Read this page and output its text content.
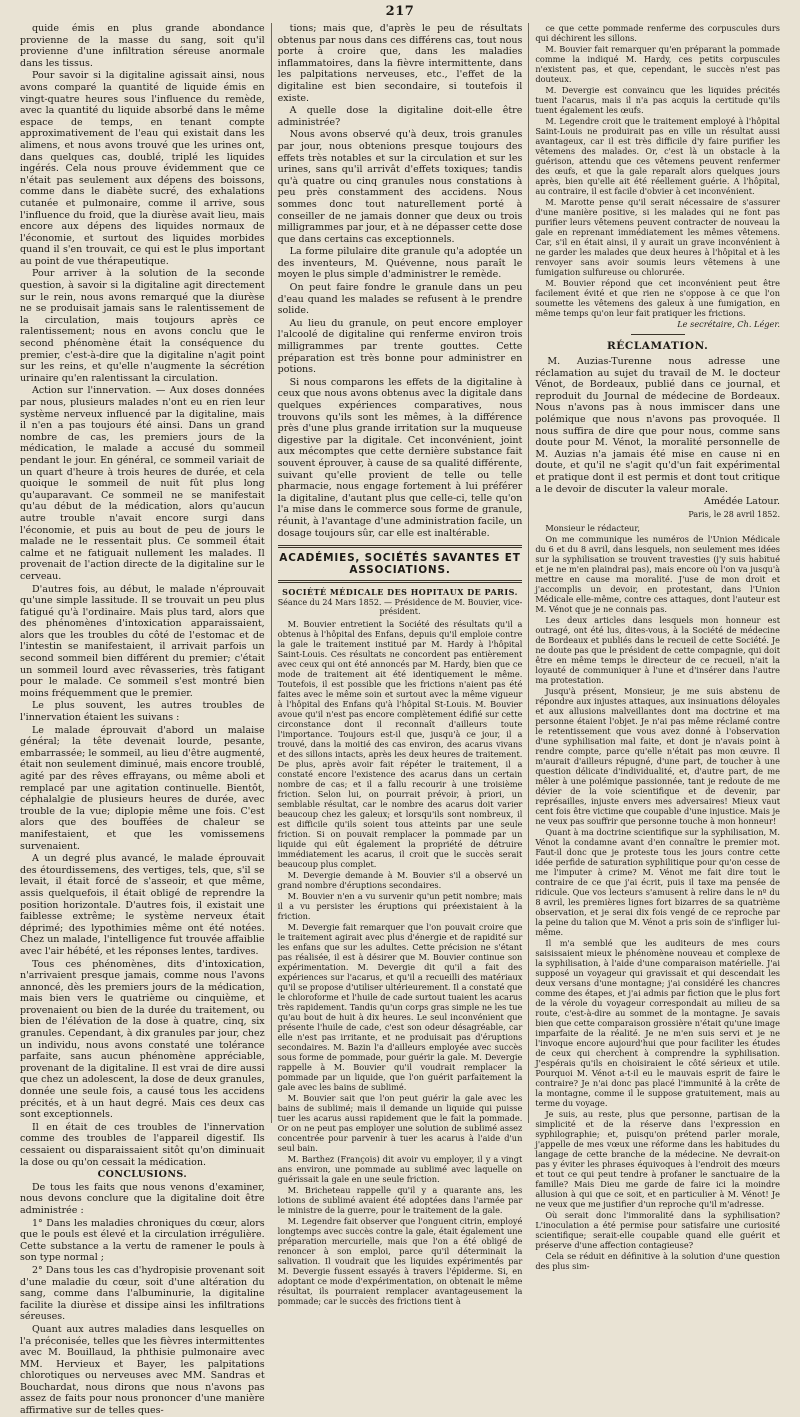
217

quide émis en plus grande abondance provienne de la masse du sang, soit qu'il provienne d'une infiltration séreuse anormale dans les tissus.

Pour savoir si la digitaline agissait ainsi, nous avons comparé la quantité de liquide émis en vingt-quatre heures sous l'influence du remède, avec la quantité du liquide absorbé dans le même espace de temps, en tenant compte approximativement de l'eau qui existait dans les alimens, et nous avons trouvé que les urines ont, dans quelques cas, doublé, triplé les liquides ingérés. Cela nous prouve évidemment que ce n'était pas seulement aux dépens des boissons, comme dans le diabète sucré, des exhalations cutanée et pulmonaire, comme il arrive, sous l'influence du froid, que la diurèse avait lieu, mais encore aux dépens des liquides normaux de l'économie, et surtout des liquides morbides quand il s'en trouvait, ce qui est le plus important au point de vue thérapeutique.

Pour arriver à la solution de la seconde question, à savoir si la digitaline agit directement sur le rein, nous avons remarqué que la diurèse ne se produisait jamais sans le ralentissement de la circulation, mais toujours après ce ralentissement; nous en avons conclu que le second phénomène était la conséquence du premier, c'est-à-dire que la digitaline n'agit point sur les reins, et qu'elle n'augmente la sécrétion urinaire qu'en ralentissant la circulation.

Action sur l'innervation. — Aux doses données par nous, plusieurs malades n'ont eu en rien leur système nerveux influencé par la digitaline, mais il n'en a pas toujours été ainsi. Dans un grand nombre de cas, les premiers jours de la médication, le malade a accusé du sommeil pendant le jour. En général, ce sommeil variait de un quart d'heure à trois heures de durée, et cela quoique le sommeil de nuit fût plus long qu'auparavant. Ce sommeil ne se manifestait qu'au début de la médication, alors qu'aucun autre trouble n'avait encore surgi dans l'économie, et puis au bout de peu de jours le malade ne le ressentait plus. Ce sommeil était calme et ne fatiguait nullement les malades. Il provenait de l'action directe de la digitaline sur le cerveau.

D'autres fois, au début, le malade n'éprouvait qu'une simple lassitude. Il se trouvait un peu plus fatigué qu'à l'ordinaire. Mais plus tard, alors que des phénomènes d'intoxication apparaissaient, alors que les troubles du côté de l'estomac et de l'intestin se manifestaient, il arrivait parfois un second sommeil bien différent du premier; c'était un sommeil lourd avec rêvasseries, très fatigant pour le malade. Ce sommeil s'est montré bien moins fréquemment que le premier.

Le plus souvent, les autres troubles de l'innervation étaient les suivans :

Le malade éprouvait d'abord un malaise général; la tête devenait lourde, pesante, embarrassée; le sommeil, au lieu d'être augmenté, était non seulement diminué, mais encore troublé, agité par des rêves effrayans, ou même aboli et remplacé par une agitation continuelle. Bientôt, céphalalgie de plusieurs heures de durée, avec trouble de la vue; diplopie même une fois. C'est alors que des bouffées de chaleur se manifestaient, et que les vomissemens survenaient.

A un degré plus avancé, le malade éprouvait des étourdissemens, des vertiges, tels, que, s'il se levait, il était forcé de s'asseoir, et que même, assis quelquefois, il était obligé de reprendre la position horizontale. D'autres fois, il existait une faiblesse extrême; le système nerveux était déprimé; des lypothimies même ont été notées. Chez un malade, l'intelligence fut trouvée affaiblie avec l'air hébété, et les réponses lentes, tardives.

Tous ces phénomènes, dits d'intoxication, n'arrivaient presque jamais, comme nous l'avons annoncé, dès les premiers jours de la médication, mais bien vers le quatrième ou cinquième, et provenaient ou bien de la durée du traitement, ou bien de l'élévation de la dose à quatre, cinq, six granules. Cependant, à dix granules par jour, chez un individu, nous avons constaté une tolérance parfaite, sans aucun phénomène appréciable, provenant de la digitaline. Il est vrai de dire aussi que chez un adolescent, la dose de deux granules, donnée une seule fois, a causé tous les accidens précités, et à un haut degré. Mais ces deux cas sont exceptionnels.

Il en était de ces troubles de l'innervation comme des troubles de l'appareil digestif. Ils cessaient ou disparaissaient sitôt qu'on diminuait la dose ou qu'on cessait la médication.

CONCLUSIONS.

De tous les faits que nous venons d'examiner, nous devons conclure que la digitaline doit être administrée :

1° Dans les maladies chroniques du cœur, alors que le pouls est élevé et la circulation irrégulière. Cette substance a la vertu de ramener le pouls à son type normal ;

2° Dans tous les cas d'hydropisie provenant soit d'une maladie du cœur, soit d'une altération du sang, comme dans l'albuminurie, la digitaline facilite la diurèse et dissipe ainsi les infiltrations séreuses.

Quant aux autres maladies dans lesquelles on l'a préconisée, telles que les fièvres intermittentes avec M. Bouillaud, la phthisie pulmonaire avec MM. Hervieux et Bayer, les palpitations chlorotiques ou nerveuses avec MM. Sandras et Bouchardat, nous dirons que nous n'avons pas assez de faits pour nous prononcer d'une manière affirmative sur de telles ques-

tions; mais que, d'après le peu de résultats obtenus par nous dans ces différens cas, tout nous porte à croire que, dans les maladies inflammatoires, dans la fièvre intermittente, dans les palpitations nerveuses, etc., l'effet de la digitaline est bien secondaire, si toutefois il existe.

A quelle dose la digitaline doit-elle être administrée?

Nous avons observé qu'à deux, trois granules par jour, nous obtenions presque toujours des effets très notables et sur la circulation et sur les urines, sans qu'il arrivât d'effets toxiques; tandis qu'à quatre ou cinq granules nous constations à peu près constamment des accidens. Nous sommes donc tout naturellement porté à conseiller de ne jamais donner que deux ou trois milligrammes par jour, et à ne dépasser cette dose que dans certains cas exceptionnels.

La forme pilulaire dite granule qu'a adoptée un des inventeurs, M. Quévenne, nous paraît le moyen le plus simple d'administrer le remède.

On peut faire fondre le granule dans un peu d'eau quand les malades se refusent à le prendre solide.

Au lieu du granule, on peut encore employer l'alcoolé de digitaline qui renferme environ trois milligrammes par trente gouttes. Cette préparation est très bonne pour administrer en potions.

Si nous comparons les effets de la digitaline à ceux que nous avons obtenus avec la digitale dans quelques expériences comparatives, nous trouvons qu'ils sont les mêmes, à la différence près d'une plus grande irritation sur la muqueuse digestive par la digitale. Cet inconvénient, joint aux mécomptes que cette dernière substance fait souvent éprouver, à cause de sa qualité différente, suivant qu'elle provient de telle ou telle pharmacie, nous engage fortement à lui préférer la digitaline, d'autant plus que celle-ci, telle qu'on l'a mise dans le commerce sous forme de granule, réunit, à l'avantage d'une administration facile, un dosage toujours sûr, car elle est inaltérable.

ACADÉMIES, SOCIÉTÉS SAVANTES ET ASSOCIATIONS.
SOCIÉTÉ MÉDICALE DES HOPITAUX DE PARIS.
Séance du 24 Mars 1852. — Présidence de M. Bouvier, vice-président.

M. Bouvier entretient la Société des résultats qu'il a obtenus à l'hôpital des Enfans, depuis qu'il emploie contre la gale le traitement institué par M. Hardy à l'hôpital Saint-Louis. Ces résultats ne concordent pas entièrement avec ceux qui ont été annoncés par M. Hardy, bien que ce mode de traitement ait été identiquement le même. Toutefois, il est possible que les frictions n'aient pas été faites avec le même soin et surtout avec la même vigueur à l'hôpital des Enfans qu'à l'hôpital St-Louis. M. Bouvier avoue qu'il n'est pas encore complètement édifié sur cette circonstance dont il reconnaît d'ailleurs toute l'importance. Toujours est-il que, jusqu'à ce jour, il a trouvé, dans la moitié des cas environ, des acarus vivans et des sillons intacts, après les deux heures de traitement. De plus, après avoir fait répéter le traitement, il a constaté encore l'existence des acarus dans un certain nombre de cas; et il a fallu recourir à une troisième friction. Selon lui, on pourrait prévoir, à priori, un semblable résultat, car le nombre des acarus doit varier beaucoup chez les galeux; et lorsqu'ils sont nombreux, il est difficile qu'ils soient tous atteints par une seule friction. Si on pouvait remplacer la pommade par un liquide qui eût également la propriété de détruire immédiatement les acarus, il croit que le succès serait beaucoup plus complet.

M. Devergie demande à M. Bouvier s'il a observé un grand nombre d'éruptions secondaires.

M. Bouvier n'en a vu survenir qu'un petit nombre; mais il a vu persister les éruptions qui préexistaient à la friction.

M. Devergie fait remarquer que l'on pouvait croire que le traitement agirait avec plus d'énergie et de rapidité sur les enfans que sur les adultes. Cette précision ne s'étant pas réalisée, il est à désirer que M. Bouvier continue son expérimentation. M. Devergie dit qu'il a fait des expériences sur l'acarus, et qu'il a recueilli des matériaux qu'il se propose d'utiliser ultérieurement. Il a constaté que le chloroforme et l'huile de cade surtout tuaient les acarus très rapidement. Tandis qu'un corps gras simple ne les tue qu'au bout de huit à dix heures. Le seul inconvénient que présente l'huile de cade, c'est son odeur désagréable, car elle n'est pas irritante, et ne produisait pas d'éruptions secondaires. M. Bazin l'a d'ailleurs employée avec succès sous forme de pommade, pour guérir la gale. M. Devergie rappelle à M. Bouvier qu'il voudrait remplacer la pommade par un liquide, que l'on guérit parfaitement la gale avec les bains de sublimé.

M. Bouvier sait que l'on peut guérir la gale avec les bains de sublimé; mais il demande un liquide qui puisse tuer les acarus aussi rapidement que le fait la pommade. Or on ne peut pas employer une solution de sublimé assez concentrée pour parvenir à tuer les acarus à l'aide d'un seul bain.

M. Barthez (François) dit avoir vu employer, il y a vingt ans environ, une pommade au sublimé avec laquelle on guérissait la gale en une seule friction.

M. Bricheteau rappelle qu'il y a quarante ans, les lotions de sublimé avaient été adoptées dans l'armée par le ministre de la guerre, pour le traitement de la gale.

M. Legendre fait observer que l'onguent citrin, employé longtemps avec succès contre la gale, était également une préparation mercurielle, mais que l'on a été obligé de renoncer à son emploi, parce qu'il déterminait la salivation. Il voudrait que les liquides expérimentés par M. Devergie fussent essayés à travers l'épiderme. Si, en adoptant ce mode d'expérimentation, on obtenait le même résultat, ils pourraient remplacer avantageusement la pommade; car le succès des frictions tient à

ce que cette pommade renferme des corpuscules durs qui déchirent les sillons.

M. Bouvier fait remarquer qu'en préparant la pommade comme la indiqué M. Hardy, ces petits corpuscules n'existent pas, et que, cependant, le succès n'est pas douteux.

M. Devergie est convaincu que les liquides précités tuent l'acarus, mais il n'a pas acquis la certitude qu'ils tuent également les œufs.

M. Legendre croit que le traitement employé à l'hôpital Saint-Louis ne produirait pas en ville un résultat aussi avantageux, car il est très difficile d'y faire purifier les vêtemens des malades. Or, c'est là un obstacle à la guérison, attendu que ces vêtemens peuvent renfermer des œufs, et que la gale reparaît alors quelques jours après, bien qu'elle ait été réellement guérie. A l'hôpital, au contraire, il est facile d'obvier à cet inconvénient.

M. Marotte pense qu'il serait nécessaire de s'assurer d'une manière positive, si les malades qui ne font pas purifier leurs vêtemens peuvent contracter de nouveau la gale en reprenant immédiatement les mêmes vêtemens. Car, s'il en était ainsi, il y aurait un grave inconvénient à ne garder les malades que deux heures à l'hôpital et à les renvoyer sans avoir soumis leurs vêtemens à une fumigation sulfureuse ou chlorurée.

M. Bouvier répond que cet inconvénient peut être facilement évité et que rien ne s'oppose à ce que l'on soumette les vêtemens des galeux à une fumigation, en même temps qu'on leur fait pratiquer les frictions.

Le secrétaire, Ch. Léger.

RÉCLAMATION.

M. Auzias-Turenne nous adresse une réclamation au sujet du travail de M. le docteur Vénot, de Bordeaux, publié dans ce journal, et reproduit du Journal de médecine de Bordeaux. Nous n'avons pas à nous immiscer dans une polémique que nous n'avons pas provoquée. Il nous suffira de dire que pour nous, comme sans doute pour M. Vénot, la moralité personnelle de M. Auzias n'a jamais été mise en cause ni en doute, et qu'il ne s'agit qu'd'un fait expérimental et pratique dont il est permis et dont tout critique a le devoir de discuter la valeur morale.

Amédée Latour.

Paris, le 28 avril 1852.

Monsieur le rédacteur,

On me communique les numéros de l'Union Médicale du 6 et du 8 avril, dans lesquels, non seulement mes idées sur la syphilisation se trouvent travesties (j'y suis habitué et je ne m'en plaindrai pas), mais encore où l'on va jusqu'à mettre en cause ma moralité. J'use de mon droit et j'accomplis un devoir, en protestant, dans l'Union Médicale elle-même, contre ces attaques, dont l'auteur est M. Vénot que je ne connais pas.

Les deux articles dans lesquels mon honneur est outragé, ont été lus, dites-vous, à la Société de médecine de Bordeaux et publiés dans le recueil de cette Société. Je ne doute pas que le président de cette compagnie, qui doit être en même temps le directeur de ce recueil, n'ait la loyauté de communiquer à l'une et d'insérer dans l'autre ma protestation.

Jusqu'à présent, Monsieur, je me suis abstenu de répondre aux injustes attaques, aux insinuations déloyales et aux allusions malveillantes dont ma doctrine et ma personne étaient l'objet. Je n'ai pas même réclamé contre le retentissement que vous avez donné à l'observation d'une syphilisation mal faite, et dont je n'avais point à rendre compte, parce qu'elle n'était pas mon œuvre. Il m'aurait d'ailleurs répugné, d'une part, de toucher à une question délicate d'individualité, et, d'autre part, de me mêler à une polémique passionnée, tant je redoute de me dévier de la voie scientifique et de devenir, par représailles, injuste envers mes adversaires! Mieux vaut cent fois être victime que coupable d'une injustice. Mais je ne veux pas souffrir que personne touche à mon honneur!

Quant à ma doctrine scientifique sur la syphilisation, M. Vénot la condamne avant d'en connaître le premier mot. Faut-il donc que je proteste tous les jours contre cette idée perfide de saturation syphilitique pour qu'on cesse de me l'imputer à crime? M. Vénot me fait dire tout le contraire de ce que j'ai écrit, puis il taxe ma pensée de ridicule. Que vos lecteurs s'amusent à relire dans le nº du 8 avril, les premières lignes fort bizarres de sa quatrième observation, et je serai dix fois vengé de ce reproche par la peine du talion que M. Vénot a pris soin de s'infliger lui-même.

Il m'a semblé que les auditeurs de mes cours saisissaient mieux le phénomène nouveau et complexe de la syphilisation, à l'aide d'une comparaison matérielle. J'ai supposé un voyageur qui gravissait et qui descendait les deux versans d'une montagne; j'ai considéré les chancres comme des étapes, et j'ai admis par fiction que le plus fort de la vérole du voyageur correspondait au milieu de sa route, c'est-à-dire au sommet de la montagne. Je savais bien que cette comparaison grossière n'était qu'une image imparfaite de la réalité. Je ne m'en suis servi et je ne l'invoque encore aujourd'hui que pour faciliter les études de ceux qui cherchent à comprendre la syphilisation. J'espérais qu'ils en choisiraient le côté sérieux et utile. Pourquoi M. Vénot a-t-il eu le mauvais esprit de faire le contraire? Je n'ai donc pas placé l'immunité à la crête de la montagne, comme il le suppose gratuitement, mais au terme du voyage.

Je suis, au reste, plus que personne, partisan de la simplicité et de la réserve dans l'expression en syphilographie; et, puisqu'on prétend parler morale, j'appelle de mes vœux une réforme dans les habitudes du langage de cette branche de la médecine. Ne devrait-on pas y éviter les phrases équivoques à l'endroit des mœurs et tout ce qui peut tendre à profaner le sanctuaire de la famille? Mais Dieu me garde de faire ici la moindre allusion à qui que ce soit, et en particulier à M. Vénot! Je ne veux que me justifier d'un reproche qu'il m'adresse.

Où serait donc l'immoralité dans la syphilisation? L'inoculation a été permise pour satisfaire une curiosité scientifique; serait-elle coupable quand elle guérit et préserve d'une affection contagieuse?

Cela se réduit en définitive à la solution d'une question des plus sim-
